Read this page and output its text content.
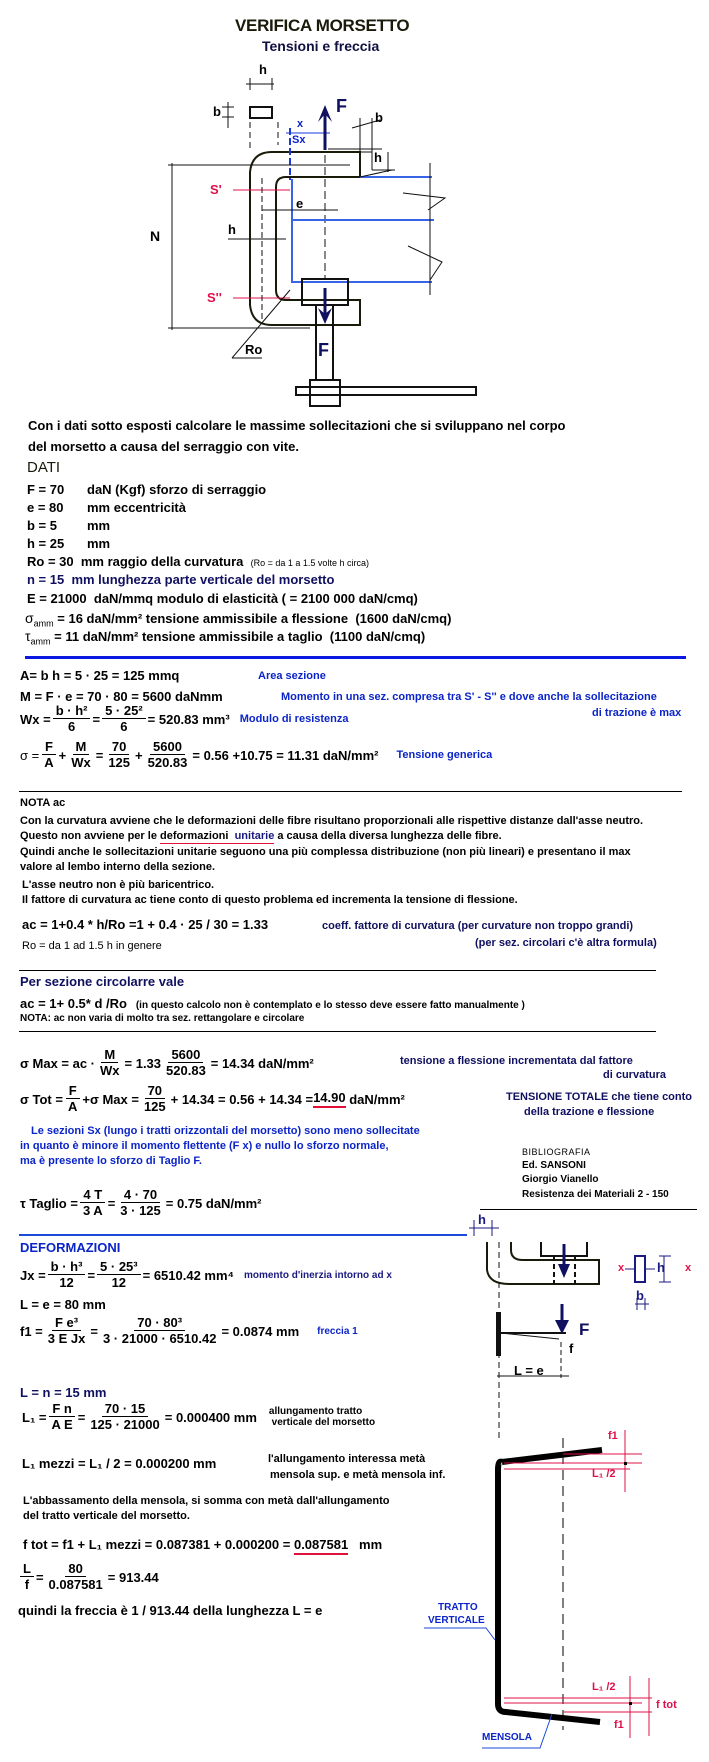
VERIFICA MORSETTO
Tensioni e freccia
h
b	F
b
x
Sx
h
S'
e
N	h
S''
Ro	F
Con i dati sotto esposti calcolare le massime sollecitazioni che si sviluppano nel corpo
del morsetto a causa del serraggio con vite.
DATI
F = 70 daN (Kgf) sforzo di serraggio
e = 80 mm eccentricità
b = 5 mm
h = 25 mm
Ro = 30 mm raggio della curvatura (Ro = da 1 a 1.5 volte h circa)
n = 15 mm lunghezza parte verticale del morsetto
E = 21000 daN/mmq modulo di elasticità ( = 2100 000 daN/cmq)
$\sigma_{amm} = 16$ daN/mm² tensione ammissibile a flessione (1600 daN/cmq)
$\tau_{amm} = 11$ daN/mm² tensione ammissibile a taglio (1100 daN/cmq)
A= b h = 5 · 25 = 125 mmq	Area sezione
M = F · e = 70 · 80 = 5600 daNmm	Momento in una sez. compresa tra S' - S'' e dove anche la sollecitazione
di trazione è max
$Wx = \frac{\text{b · h²}}{6} = \frac{\text{5 · 25²}}{6} = 520.83$ mm³ Modulo di resistenza
$\sigma = \frac{F}{A} + \frac{M}{Wx} = \frac{70}{125} + \frac{5600}{520.83} = 0.56 +10.75 = 11.31$ daN/mm² Tensione generica
NOTA ac
Con la curvatura avviene che le deformazioni delle fibre risultano proporzionali alle rispettive distanze dall'asse neutro.
Questo non avviene per le deformazioni unitarie a causa della diversa lunghezza delle fibre.
Quindi anche le sollecitazioni unitarie seguono una più complessa distribuzione (non più lineari) e presentano il max
valore al lembo interno della sezione.
L'asse neutro non è più baricentrico.
Il fattore di curvatura ac tiene conto di questo problema ed incrementa la tensione di flessione.
ac = 1+0.4 * h/Ro =1 + 0.4 · 25 / 30 = 1.33	coeff. fattore di curvatura (per curvature non troppo grandi)
(per sez. circolari c'è altra formula)
Ro = da 1 ad 1.5 h in genere
Per sezione circolarre vale
ac = 1+ 0.5* d /Ro (in questo calcolo non è contemplato e lo stesso deve essere fatto manualmente )
NOTA: ac non varia di molto tra sez. rettangolare e circolare
σ Max = ac · $\frac{M}{Wx} = 1.33 \frac{5600}{520.83} = 14.34$ daN/mm²	tensione a flessione incrementata dal fattore
di curvatura
σ Tot = $\frac{F}{A} +\sigma$ Max = $\frac{70}{125} + 14.34 = 0.56 + 14.34 = 14.90$
daN/mm²	TENSIONE TOTALE che tiene conto
della trazione e flessione
Le sezioni Sx (lungo i tratti orizzontali del morsetto) sono meno sollecitate
in quanto è minore il momento flettente (F x) e nullo lo sforzo normale,
ma è presente lo sforzo di Taglio F.
BIBLIOGRAFIA
Ed. SANSONI
Giorgio Vianello
Resistenza dei Materiali 2 - 150
τ Taglio = $\frac{4 T}{3 A} = \frac{4 \cdot 70}{3 \cdot 125} = 0.75$ daN/mm²
DEFORMAZIONI
$Jx = \frac{\text{b · h³}}{12} = \frac{\text{5 · 25³}}{12} = 6510.42$ mm⁴ momento d'inerzia intorno ad x
L = e = 80 mm
$f1 = \frac{\text{F e³}}{\text{3 E Jx}} = \frac{\text{70 · 80³}}{3 \cdot 21000 \cdot 6510.42} = 0.0874$ mm freccia 1
L = n = 15 mm
$L_1 = \frac{\text{F n}}{\text{A E}} = \frac{70 \cdot 15}{125 \cdot 21000} = 0.000400$ mm allungamento tratto
verticale del morsetto
L₁ mezzi = L₁ / 2 = 0.000200 mm	l'allungamento interessa metà
mensola sup. e metà mensola inf.
L'abbassamento della mensola, si somma con metà dall'allungamento
del tratto verticale del morsetto.
f tot = f1 + L₁ mezzi = 0.087381 + 0.000200 = 0.087581 mm
$\frac{L}{f} = \frac{80}{0.087581} = 913.44$
quindi la freccia è 1 / 913.44 della lunghezza L = e
h
x	h x
b
F
f
L = e
f1
L₁ /2
TRATTO
VERTICALE
L₁ /2
f tot
f1
MENSOLA
